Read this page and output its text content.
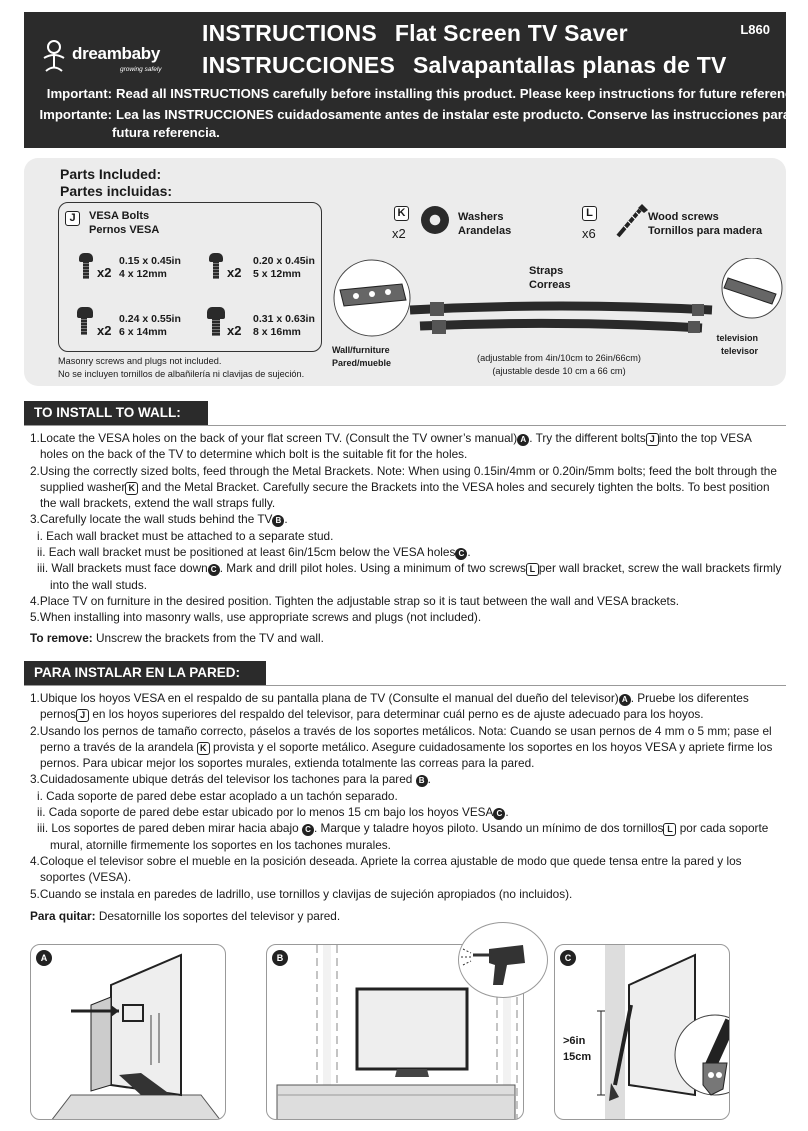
dreambaby
growing safely
INSTRUCTIONS Flat Screen TV Saver
INSTRUCCIONES Salvapantallas planas de TV
L860
Important: Read all INSTRUCTIONS carefully before installing this product. Please keep instructions for future reference.
Importante: Lea las INSTRUCCIONES cuidadosamente antes de instalar este producto. Conserve las instrucciones para
futura referencia.
Parts Included:
Partes incluidas:
J	VESA Bolts
Pernos VESA
x2
0.15 x 0.45in
4 x 12mm	x2
0.20 x 0.45in
5 x 12mm
x2
0.24 x 0.55in
6 x 14mm	x2
0.31 x 0.63in
8 x 16mm
Masonry screws and plugs not included.
No se incluyen tornillos de albañilería ni clavijas de sujeción.
K
x2
Washers
Arandelas
L
x6
Wood screws
Tornillos para madera
Straps
Correas
Wall/furniture
Pared/mueble
television
televisor
(adjustable from 4in/10cm to 26in/66cm)
(ajustable desde 10 cm a 66 cm)
TO INSTALL TO WALL:

1.Locate the VESA holes on the back of your flat screen TV. (Consult the TV owner’s manual) A . Try the different bolts J into the top VESA holes on the back of the TV to determine which bolt is the suitable fit for the holes.

2.Using the correctly sized bolts, feed through the Metal Brackets. Note: When using 0.15in/4mm or 0.20in/5mm bolts; feed the bolt through the supplied washer K and the Metal Bracket. Carefully secure the Brackets into the VESA holes and securely tighten the bolts. To best position the wall brackets, extend the wall straps fully.

3.Carefully locate the wall studs behind the TV B .

i. Each wall bracket must be attached to a separate stud.

ii. Each wall bracket must be positioned at least 6in/15cm below the VESA holes C .

iii. Wall brackets must face down C . Mark and drill pilot holes. Using a minimum of two screws L per wall bracket, screw the wall brackets firmly into the wall studs.

4.Place TV on furniture in the desired position. Tighten the adjustable strap so it is taut between the wall and VESA brackets.

5.When installing into masonry walls, use appropriate screws and plugs (not included).

To remove: Unscrew the brackets from the TV and wall.

PARA INSTALAR EN LA PARED:

1.Ubique los hoyos VESA en el respaldo de su pantalla plana de TV (Consulte el manual del dueño del televisor) A . Pruebe los diferentes pernos J en los hoyos superiores del respaldo del televisor, para determinar cuál perno es de ajuste adecuado para los hoyos.

2.Usando los pernos de tamaño correcto, páselos a través de los soportes metálicos. Nota: Cuando se usan pernos de 4 mm o 5 mm; pase el perno a través de la arandela K provista y el soporte metálico. Asegure cuidadosamente los soportes en los hoyos VESA y apriete firme los pernos. Para ubicar mejor los soportes murales, extienda totalmente las correas para la pared.

3.Cuidadosamente ubique detrás del televisor los tachones para la pared B .

i. Cada soporte de pared debe estar acoplado a un tachón separado.

ii. Cada soporte de pared debe estar ubicado por lo menos 15 cm bajo los hoyos VESA C .

iii. Los soportes de pared deben mirar hacia abajo C . Marque y taladre hoyos piloto. Usando un mínimo de dos tornillos L por cada soporte mural, atornille firmemente los soportes en los tachones murales.

4.Coloque el televisor sobre el mueble en la posición deseada. Apriete la correa ajustable de modo que quede tensa entre la pared y los soportes (VESA).

5.Cuando se instala en paredes de ladrillo, use tornillos y clavijas de sujeción apropiados (no incluidos).

Para quitar: Desatornille los soportes del televisor y pared.

A	B	C
>6in
15cm
